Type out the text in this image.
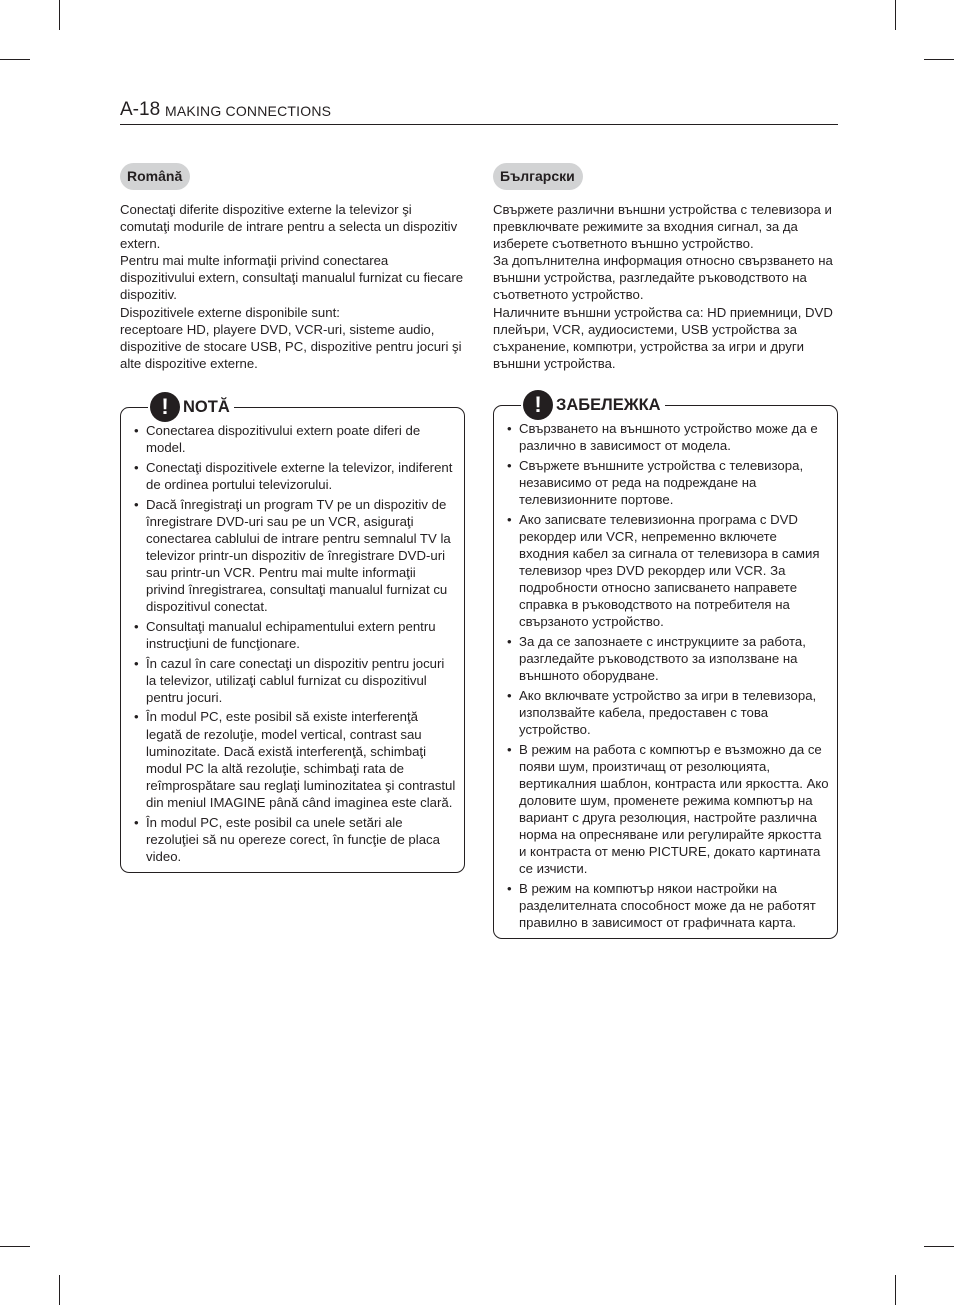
A-18 MAKING CONNECTIONS
Română

Conectaţi diferite dispozitive externe la televizor şi comutaţi modurile de intrare pentru a selecta un dispozitiv extern.

Pentru mai multe informaţii privind conectarea dispozitivului extern, consultaţi manualul furnizat cu fiecare dispozitiv.

Dispozitivele externe disponibile sunt:

receptoare HD, playere DVD, VCR-uri, sisteme audio, dispozitive de stocare USB, PC, dispozitive pentru jocuri şi alte dispozitive externe.

! NOTĂ
• Conectarea dispozitivului extern poate diferi de model.
• Conectaţi dispozitivele externe la televizor, indiferent de ordinea portului televizorului.
• Dacă înregistraţi un program TV pe un dispozitiv de înregistrare DVD-uri sau pe un VCR, asiguraţi conectarea cablului de intrare pentru semnalul TV la televizor printr-un dispozitiv de înregistrare DVD-uri sau printr-un VCR. Pentru mai multe informaţii privind înregistrarea, consultaţi manualul furnizat cu dispozitivul conectat.
• Consultaţi manualul echipamentului extern pentru instrucţiuni de funcţionare.
• În cazul în care conectaţi un dispozitiv pentru jocuri la televizor, utilizaţi cablul furnizat cu dispozitivul pentru jocuri.
• În modul PC, este posibil să existe interferenţă legată de rezoluţie, model vertical, contrast sau luminozitate. Dacă există interferenţă, schimbaţi modul PC la altă rezoluţie, schimbaţi rata de reîmprospătare sau reglaţi luminozitatea şi contrastul din meniul IMAGINE până când imaginea este clară.
• În modul PC, este posibil ca unele setări ale rezoluţiei să nu opereze corect, în funcţie de placa video.
Български

Свържете различни външни устройства с телевизора и превключвате режимите за входния сигнал, за да изберете съответното външно устройство.

За допълнителна информация относно свързването на външни устройства, разгледайте ръководството на съответното устройство.

Наличните външни устройства са: HD приемници, DVD плейъри, VCR, аудиосистеми, USB устройства за съхранение, компютри, устройства за игри и други външни устройства.

! ЗАБЕЛЕЖКА
• Свързването на външното устройство може да е различно в зависимост от модела.
• Свържете външните устройства с телевизора, независимо от реда на подреждане на телевизионните портове.
• Ако записвате телевизионна програма с DVD рекордер или VCR, непременно включете входния кабел за сигнала от телевизора в самия телевизор чрез DVD рекордер или VCR. За подробности относно записването направете справка в ръководството на потребителя на свързаното устройство.
• За да се запознаете с инструкциите за работа, разгледайте ръководството за използване на външното оборудване.
• Ако включвате устройство за игри в телевизора, използвайте кабела, предоставен с това устройство.
• В режим на работа с компютър е възможно да се появи шум, произтичащ от резолюцията, вертикалния шаблон, контраста или яркостта. Ако доловите шум, променете режима компютър на вариант с друга резолюция, настройте различна норма на опресняване или регулирайте яркостта и контраста от меню PICTURE, докато картината се изчисти.
• В режим на компютър някои настройки на разделителната способност може да не работят правилно в зависимост от графичната карта.
